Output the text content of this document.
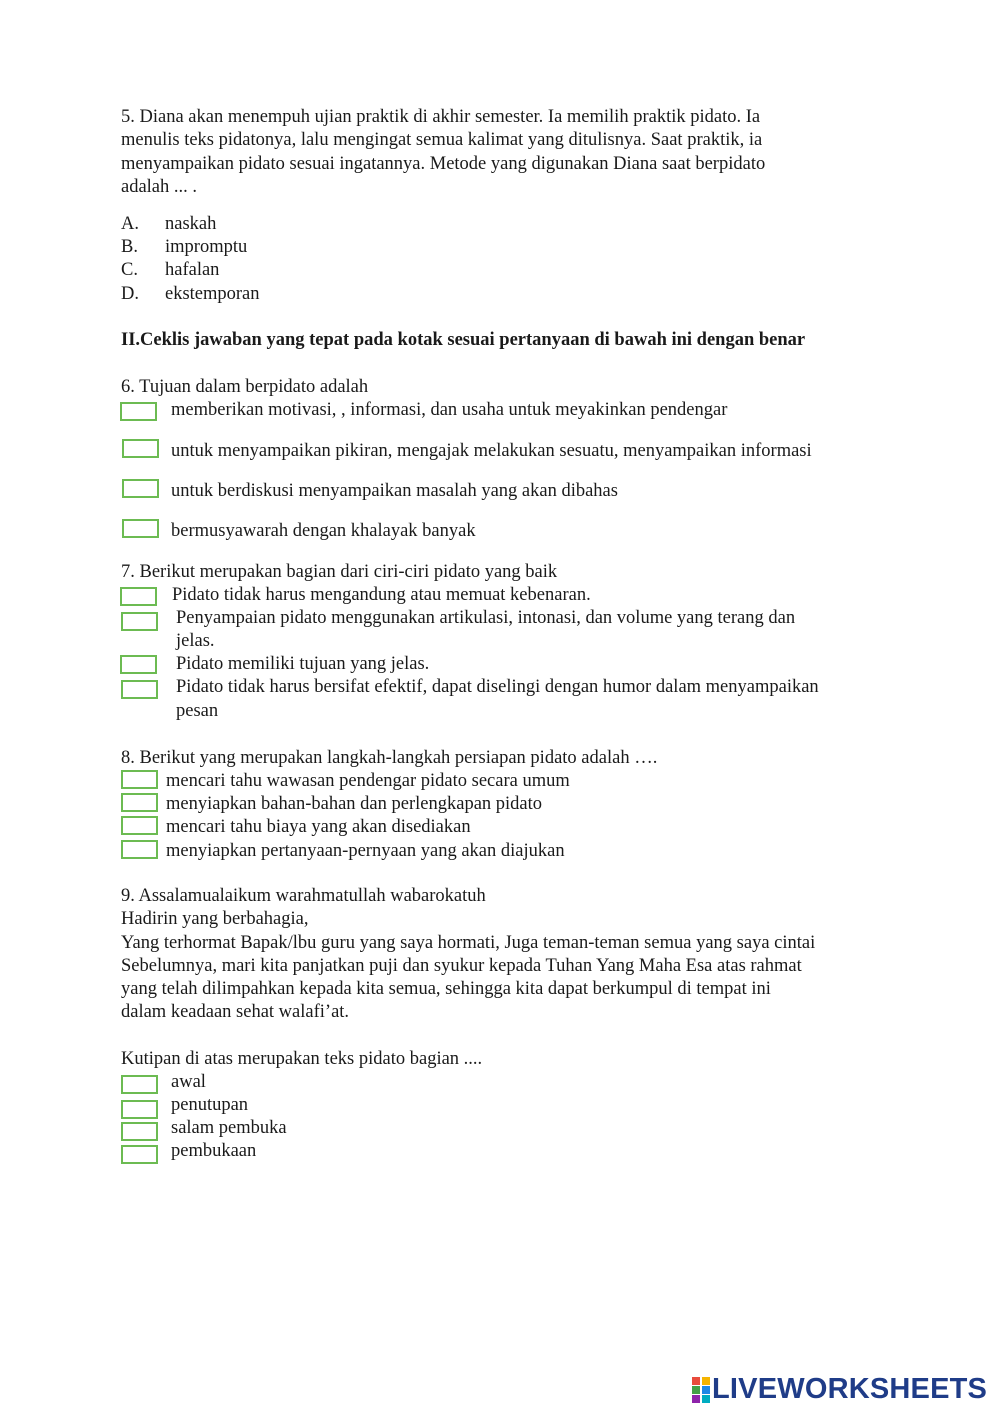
5. Diana akan menempuh ujian praktik di akhir semester. Ia memilih praktik pidato. Ia
menulis teks pidatonya, lalu mengingat semua kalimat yang ditulisnya. Saat praktik, ia
menyampaikan pidato sesuai ingatannya. Metode yang digunakan Diana saat berpidato
adalah ... .
A. naskah
B. impromptu
C. hafalan
D. ekstemporan
II.Ceklis jawaban yang tepat pada kotak sesuai pertanyaan di bawah ini dengan benar
6. Tujuan dalam berpidato adalah
memberikan motivasi, , informasi, dan usaha untuk meyakinkan pendengar
untuk menyampaikan pikiran, mengajak melakukan sesuatu, menyampaikan informasi
untuk berdiskusi menyampaikan masalah yang akan dibahas
bermusyawarah dengan khalayak banyak
7. Berikut merupakan bagian dari ciri-ciri pidato yang baik
Pidato tidak harus mengandung atau memuat kebenaran.
Penyampaian pidato menggunakan artikulasi, intonasi, dan volume yang terang dan
jelas.
Pidato memiliki tujuan yang jelas.
Pidato tidak harus bersifat efektif, dapat diselingi dengan humor dalam menyampaikan
pesan
8. Berikut yang merupakan langkah-langkah persiapan pidato adalah ….
mencari tahu wawasan pendengar pidato secara umum
menyiapkan bahan-bahan dan perlengkapan pidato
mencari tahu biaya yang akan disediakan
menyiapkan pertanyaan-pernyaan yang akan diajukan
9. Assalamualaikum warahmatullah wabarokatuh
Hadirin yang berbahagia,
Yang terhormat Bapak/lbu guru yang saya hormati, Juga teman-teman semua yang saya cintai
Sebelumnya, mari kita panjatkan puji dan syukur kepada Tuhan Yang Maha Esa atas rahmat
yang telah dilimpahkan kepada kita semua, sehingga kita dapat berkumpul di tempat ini
dalam keadaan sehat walafi’at.
Kutipan di atas merupakan teks pidato bagian ....
awal
penutupan
salam pembuka
pembukaan
LIVEWORKSHEETS
